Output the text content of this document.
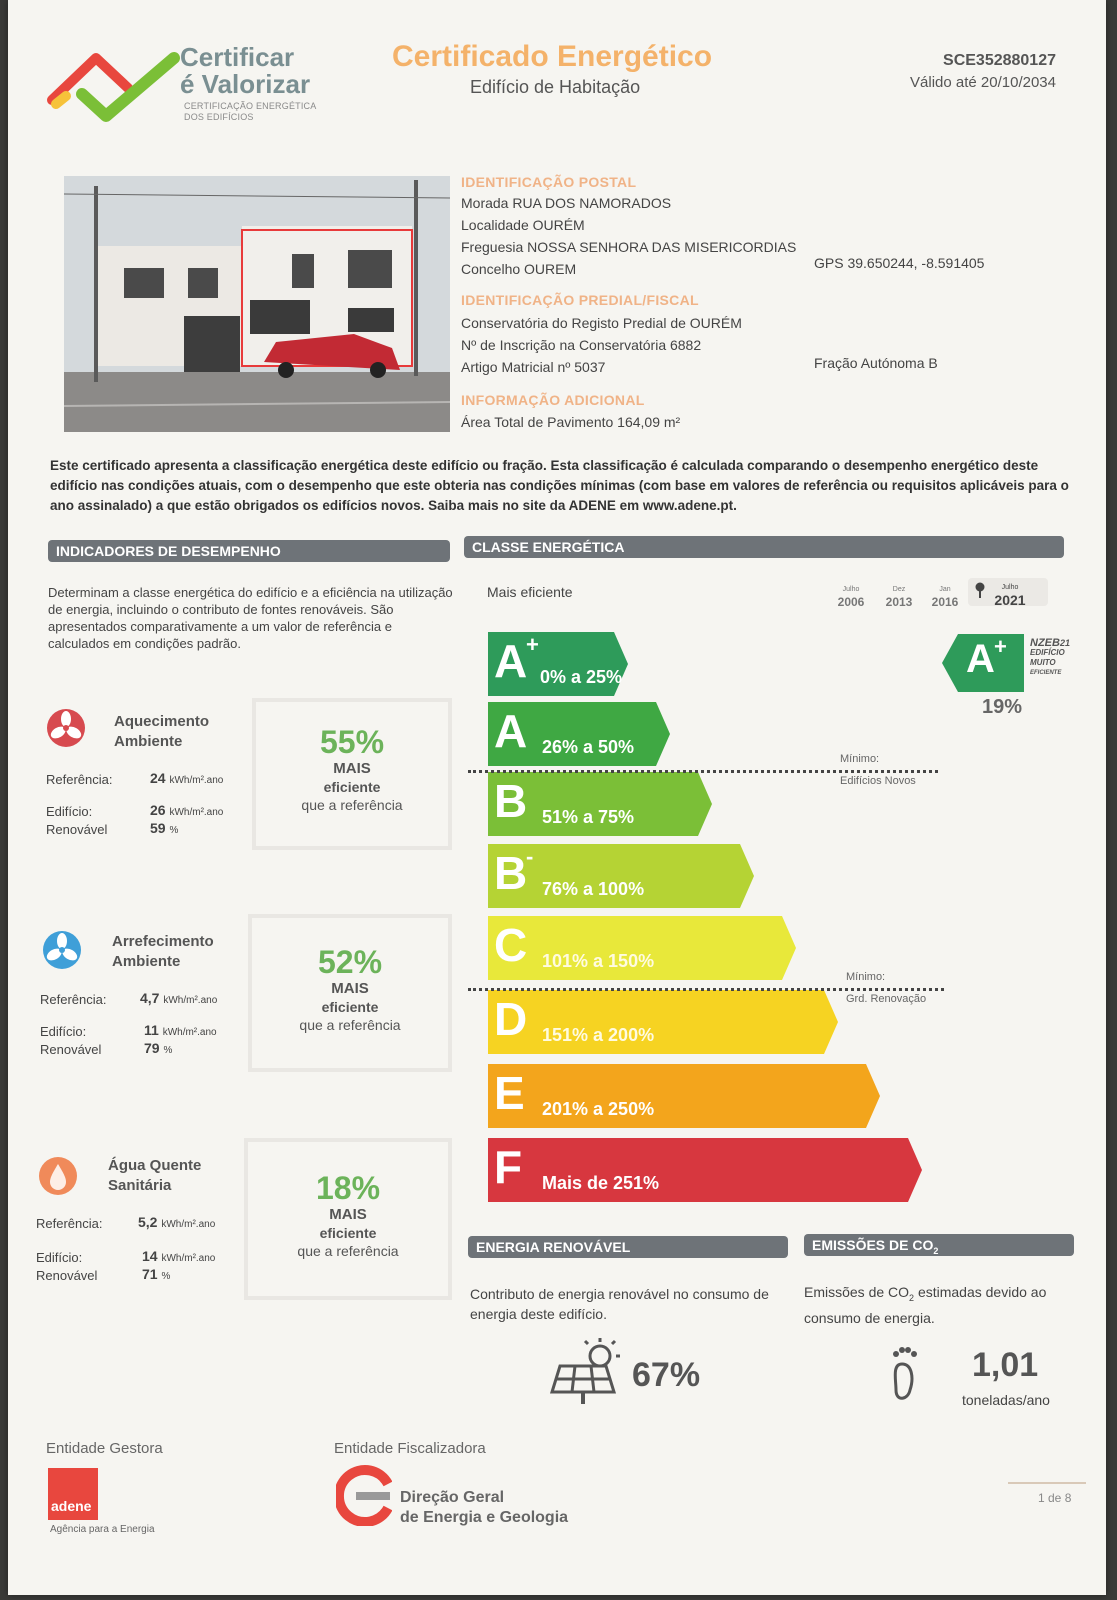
Certificar
é Valorizar
CERTIFICAÇÃO ENERGÉTICA
DOS EDIFÍCIOS
Certificado Energético
Edifício de Habitação
SCE352880127
Válido até 20/10/2034
IDENTIFICAÇÃO POSTAL
Morada RUA DOS NAMORADOS
Localidade OURÉM
Freguesia NOSSA SENHORA DAS MISERICORDIAS
Concelho OUREM	GPS 39.650244, -8.591405
IDENTIFICAÇÃO PREDIAL/FISCAL
Conservatória do Registo Predial de OURÉM
Nº de Inscrição na Conservatória 6882
Artigo Matricial nº 5037	Fração Autónoma B
INFORMAÇÃO ADICIONAL
Área Total de Pavimento 164,09 m²
Este certificado apresenta a classificação energética deste edifício ou fração. Esta classificação é calculada comparando o desempenho energético deste edifício nas condições atuais, com o desempenho que este obteria nas condições mínimas (com base em valores de referência ou requisitos aplicáveis para o ano assinalado) a que estão obrigados os edifícios novos. Saiba mais no site da ADENE em www.adene.pt.
INDICADORES DE DESEMPENHO	CLASSE ENERGÉTICA
Determinam a classe energética do edifício e a eficiência na utilização de energia, incluindo o contributo de fontes renováveis. São apresentados comparativamente a um valor de referência e calculados em condições padrão.
Aquecimento
Ambiente
Referência:	24 kWh/m².ano
Edifício:	26 kWh/m².ano
Renovável	59 %
55%
MAIS
eficiente
que a referência
Arrefecimento
Ambiente
Referência: 4,7 kWh/m².ano
Edifício:	11 kWh/m².ano
Renovável	79 %
52%
MAIS
eficiente
que a referência
Água Quente
Sanitária
Referência:	5,2 kWh/m².ano
Edifício:	14 kWh/m².ano
Renovável	71 %
18%
MAIS
eficiente
que a referência
Mais eficiente	Julho
2006
Dez
2013
Jan
2016
Julho
2021
A
+
0% a 25%
A 26% a 50%
B 51% a 75%
B
-
76% a 100%
C 101% a 150%
D 151% a 200%
E 201% a 250%
F Mais de 251%
Mínimo:
Edifícios Novos
Mínimo:
Grd. Renovação
A + NZEB21
EDIFÍCIO
MUITO
EFICIENTE
19%
ENERGIA RENOVÁVEL	EMISSÕES DE $CO_2$
Contributo de energia renovável no consumo de energia deste edifício.
Emissões de $CO_2$ estimadas devido ao consumo de energia.
67%	1,01
toneladas/ano
Entidade Gestora
adene
Agência para a Energia
Entidade Fiscalizadora
Direção Geral
de Energia e Geologia
1 de 8
